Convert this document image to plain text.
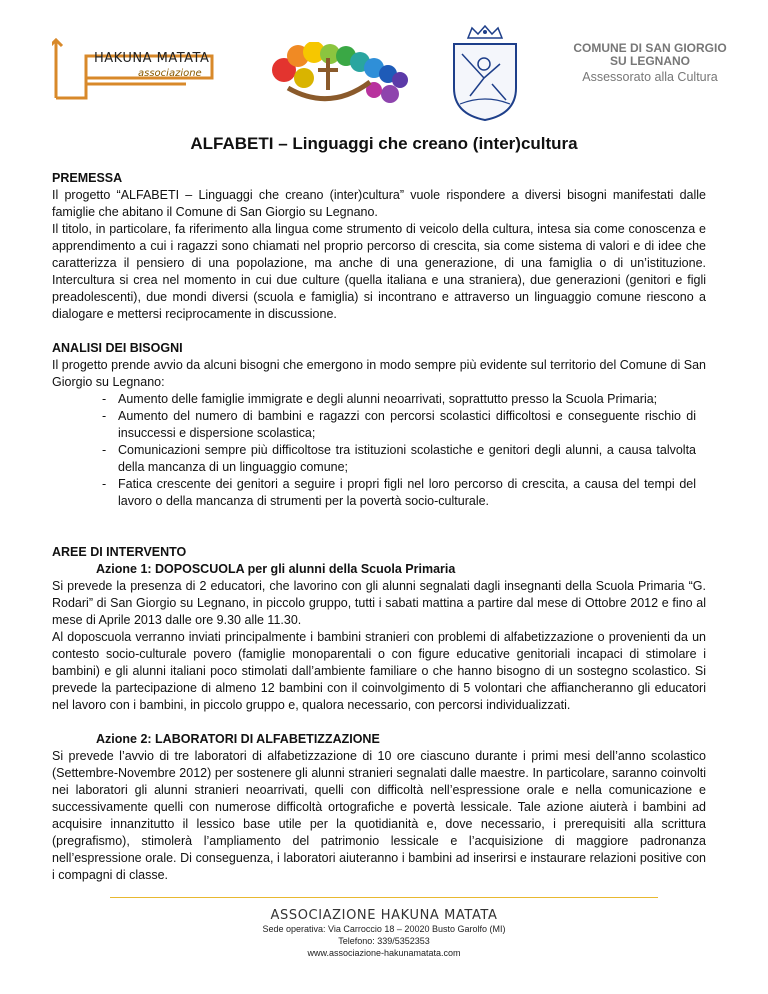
HAKUNA MATATA
associazione
COMUNE DI SAN GIORGIO
SU LEGNANO
Assessorato alla Cultura
ALFABETI – Linguaggi che creano (inter)cultura

PREMESSA

Il progetto “ALFABETI – Linguaggi che creano (inter)cultura” vuole rispondere a diversi bisogni manifestati dalle famiglie che abitano il Comune di San Giorgio su Legnano.

Il titolo, in particolare, fa riferimento alla lingua come strumento di veicolo della cultura, intesa sia come conoscenza e apprendimento a cui i ragazzi sono chiamati nel proprio percorso di crescita, sia come sistema di valori e di idee che caratterizza il pensiero di una popolazione, ma anche di una generazione, di una famiglia o di un’istituzione. Intercultura si crea nel momento in cui due culture (quella italiana e una straniera), due generazioni (genitori e figli preadolescenti), due mondi diversi (scuola e famiglia) si incontrano e attraverso un linguaggio comune riescono a dialogare e mettersi reciprocamente in discussione.

ANALISI DEI BISOGNI

Il progetto prende avvio da alcuni bisogni che emergono in modo sempre più evidente sul territorio del Comune di San Giorgio su Legnano:

- Aumento delle famiglie immigrate e degli alunni neoarrivati, soprattutto presso la Scuola Primaria;
- Aumento del numero di bambini e ragazzi con percorsi scolastici difficoltosi e conseguente rischio di insuccessi e dispersione scolastica;
- Comunicazioni sempre più difficoltose tra istituzioni scolastiche e genitori degli alunni, a causa talvolta della mancanza di un linguaggio comune;
- Fatica crescente dei genitori a seguire i propri figli nel loro percorso di crescita, a causa del tempi del lavoro o della mancanza di strumenti per la povertà socio-culturale.

AREE DI INTERVENTO

Azione 1: DOPOSCUOLA per gli alunni della Scuola Primaria

Si prevede la presenza di 2 educatori, che lavorino con gli alunni segnalati dagli insegnanti della Scuola Primaria “G. Rodari” di San Giorgio su Legnano, in piccolo gruppo, tutti i sabati mattina a partire dal mese di Ottobre 2012 e fino al mese di Aprile 2013 dalle ore 9.30 alle 11.30.

Al doposcuola verranno inviati principalmente i bambini stranieri con problemi di alfabetizzazione o provenienti da un contesto socio-culturale povero (famiglie monoparentali o con figure educative genitoriali incapaci di stimolare i bambini) e gli alunni italiani poco stimolati dall’ambiente familiare o che hanno bisogno di un sostegno scolastico. Si prevede la partecipazione di almeno 12 bambini con il coinvolgimento di 5 volontari che affiancheranno gli educatori nel lavoro con i bambini, in piccolo gruppo e, qualora necessario, con percorsi individualizzati.

Azione 2: LABORATORI DI ALFABETIZZAZIONE

Si prevede l’avvio di tre laboratori di alfabetizzazione di 10 ore ciascuno durante i primi mesi dell’anno scolastico (Settembre-Novembre 2012) per sostenere gli alunni stranieri segnalati dalle maestre. In particolare, saranno coinvolti nei laboratori gli alunni stranieri neoarrivati, quelli con difficoltà nell’espressione orale e nella comunicazione e successivamente quelli con numerose difficoltà ortografiche e povertà lessicale. Tale azione aiuterà i bambini ad acquisire innanzitutto il lessico base utile per la quotidianità e, dove necessario, i prerequisiti alla scrittura (pregrafismo), stimolerà l’ampliamento del patrimonio lessicale e l’acquisizione di maggiore padronanza nell’espressione orale. Di conseguenza, i laboratori aiuteranno i bambini ad inserirsi e instaurare relazioni positive con i compagni di classe.

ASSOCIAZIONE HAKUNA MATATA
Sede operativa: Via Carroccio 18 – 20020 Busto Garolfo (MI)
Telefono: 339/5352353
www.associazione-hakunamatata.com
